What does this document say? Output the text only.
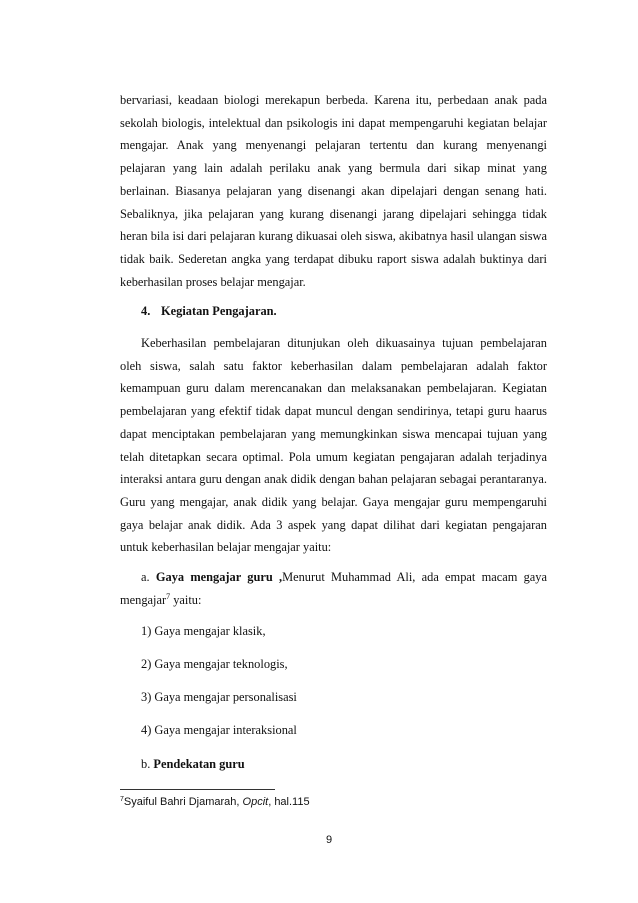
bervariasi, keadaan biologi merekapun berbeda. Karena itu, perbedaan anak pada sekolah biologis, intelektual dan psikologis ini dapat mempengaruhi kegiatan belajar mengajar. Anak yang menyenangi pelajaran tertentu dan kurang menyenangi pelajaran yang lain adalah perilaku anak yang bermula dari sikap minat yang berlainan. Biasanya pelajaran yang disenangi akan dipelajari dengan senang hati. Sebaliknya, jika pelajaran yang kurang disenangi jarang dipelajari sehingga tidak heran bila isi dari pelajaran kurang dikuasai oleh siswa, akibatnya hasil ulangan siswa tidak baik. Sederetan angka yang terdapat dibuku raport siswa adalah buktinya dari keberhasilan proses belajar mengajar.

4. Kegiatan Pengajaran.

Keberhasilan pembelajaran ditunjukan oleh dikuasainya tujuan pembelajaran oleh siswa, salah satu faktor keberhasilan dalam pembelajaran adalah faktor kemampuan guru dalam merencanakan dan melaksanakan pembelajaran. Kegiatan pembelajaran yang efektif tidak dapat muncul dengan sendirinya, tetapi guru haarus dapat menciptakan pembelajaran yang memungkinkan siswa mencapai tujuan yang telah ditetapkan secara optimal. Pola umum kegiatan pengajaran adalah terjadinya interaksi antara guru dengan anak didik dengan bahan pelajaran sebagai perantaranya. Guru yang mengajar, anak didik yang belajar. Gaya mengajar guru mempengaruhi gaya belajar anak didik. Ada 3 aspek yang dapat dilihat dari kegiatan pengajaran untuk keberhasilan belajar mengajar yaitu:

a. Gaya mengajar guru ,Menurut Muhammad Ali, ada empat macam gaya mengajar$^7$ yaitu:

1) Gaya mengajar klasik,

2) Gaya mengajar teknologis,

3) Gaya mengajar personalisasi

4) Gaya mengajar interaksional

b. Pendekatan guru

$^7$Syaiful Bahri Djamarah, Opcit, hal.115

9
